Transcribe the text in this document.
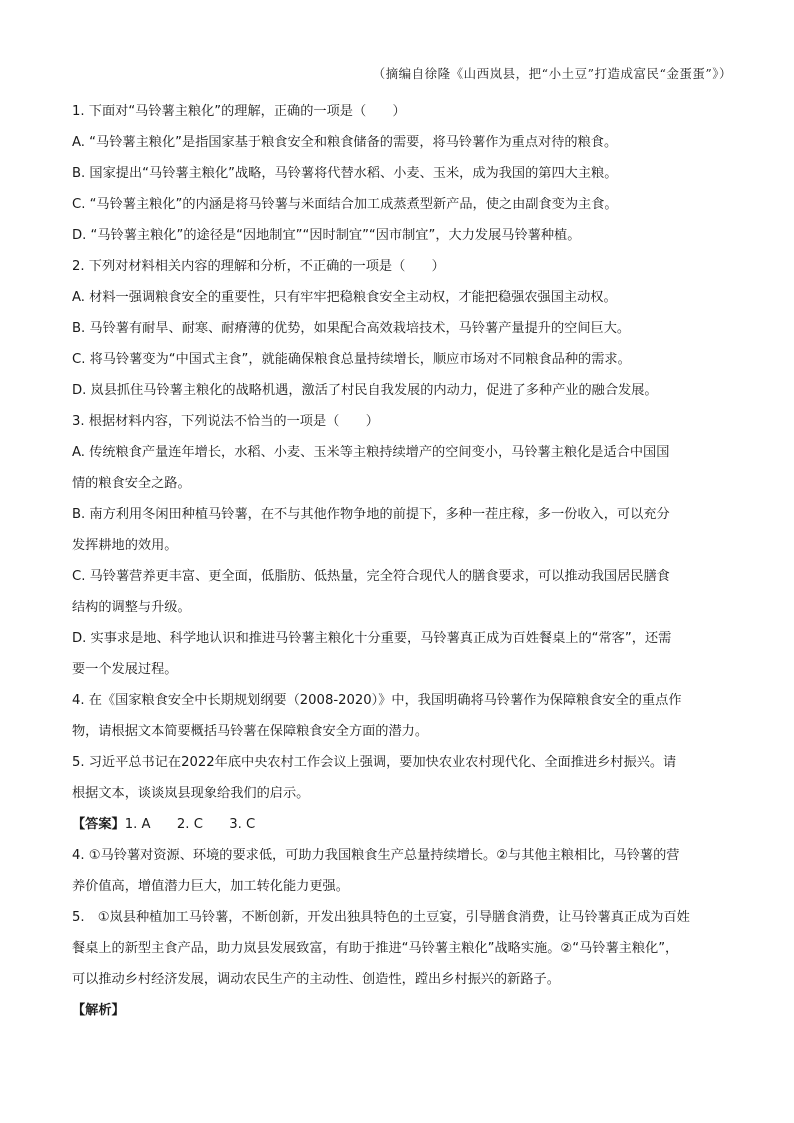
（摘编自徐隆《山西岚县，把“小土豆”打造成富民“金蛋蛋”》）
1. 下面对“马铃薯主粮化”的理解，正确的一项是（　　）
A. “马铃薯主粮化”是指国家基于粮食安全和粮食储备的需要，将马铃薯作为重点对待的粮食。
B. 国家提出“马铃薯主粮化”战略，马铃薯将代替水稻、小麦、玉米，成为我国的第四大主粮。
C. “马铃薯主粮化”的内涵是将马铃薯与米面结合加工成蒸煮型新产品，使之由副食变为主食。
D. “马铃薯主粮化”的途径是“因地制宜”“因时制宜”“因市制宜”，大力发展马铃薯种植。
2. 下列对材料相关内容的理解和分析，不正确的一项是（　　）
A. 材料一强调粮食安全的重要性，只有牢牢把稳粮食安全主动权，才能把稳强农强国主动权。
B. 马铃薯有耐旱、耐寒、耐瘠薄的优势，如果配合高效栽培技术，马铃薯产量提升的空间巨大。
C. 将马铃薯变为“中国式主食”，就能确保粮食总量持续增长，顺应市场对不同粮食品种的需求。
D. 岚县抓住马铃薯主粮化的战略机遇，激活了村民自我发展的内动力，促进了多种产业的融合发展。
3. 根据材料内容，下列说法不恰当的一项是（　　）
A. 传统粮食产量连年增长，水稻、小麦、玉米等主粮持续增产的空间变小，马铃薯主粮化是适合中国国
情的粮食安全之路。
B. 南方利用冬闲田种植马铃薯，在不与其他作物争地的前提下，多种一茬庄稼，多一份收入，可以充分
发挥耕地的效用。
C. 马铃薯营养更丰富、更全面，低脂肪、低热量，完全符合现代人的膳食要求，可以推动我国居民膳食
结构的调整与升级。
D. 实事求是地、科学地认识和推进马铃薯主粮化十分重要，马铃薯真正成为百姓餐桌上的“常客”，还需
要一个发展过程。
4. 在《国家粮食安全中长期规划纲要（2008-2020）》中，我国明确将马铃薯作为保障粮食安全的重点作
物，请根据文本简要概括马铃薯在保障粮食安全方面的潜力。
5. 习近平总书记在2022年底中央农村工作会议上强调，要加快农业农村现代化、全面推进乡村振兴。请
根据文本，谈谈岚县现象给我们的启示。
【答案】1. A　　2. C　　3. C
4. ①马铃薯对资源、环境的要求低，可助力我国粮食生产总量持续增长。②与其他主粮相比，马铃薯的营
养价值高，增值潜力巨大，加工转化能力更强。
5.　①岚县种植加工马铃薯，不断创新，开发出独具特色的土豆宴，引导膳食消费，让马铃薯真正成为百姓
餐桌上的新型主食产品，助力岚县发展致富，有助于推进“马铃薯主粮化”战略实施。②“马铃薯主粮化”，
可以推动乡村经济发展，调动农民生产的主动性、创造性，蹚出乡村振兴的新路子。
【解析】
